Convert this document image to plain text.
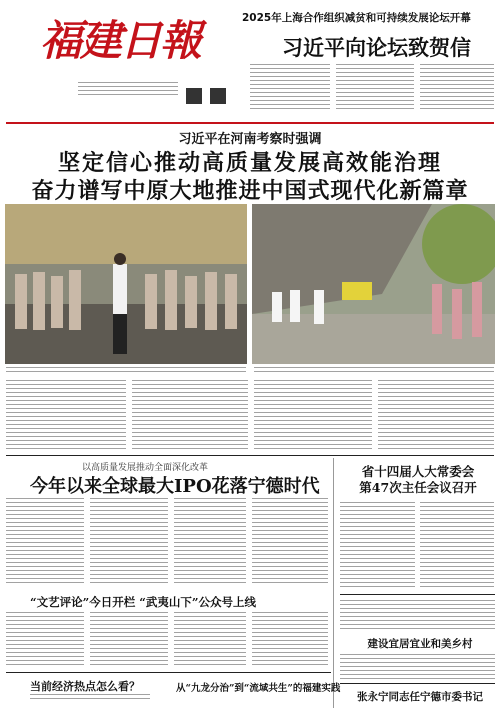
福建日報	2025年上海合作组织减贫和可持续发展论坛开幕
习近平向论坛致贺信
习近平在河南考察时强调
坚定信心推动高质量发展高效能治理
奋力谱写中原大地推进中国式现代化新篇章
以高质量发展推动全面深化改革
今年以来全球最大IPO花落宁德时代
省十四届人大常委会
第47次主任会议召开
“文艺评论”今日开栏 “武夷山下”公众号上线
当前经济热点怎么看？	从“九龙分治”到“流域共生”的福建实践
建设宜居宜业和美乡村
张永宁同志任宁德市委书记
